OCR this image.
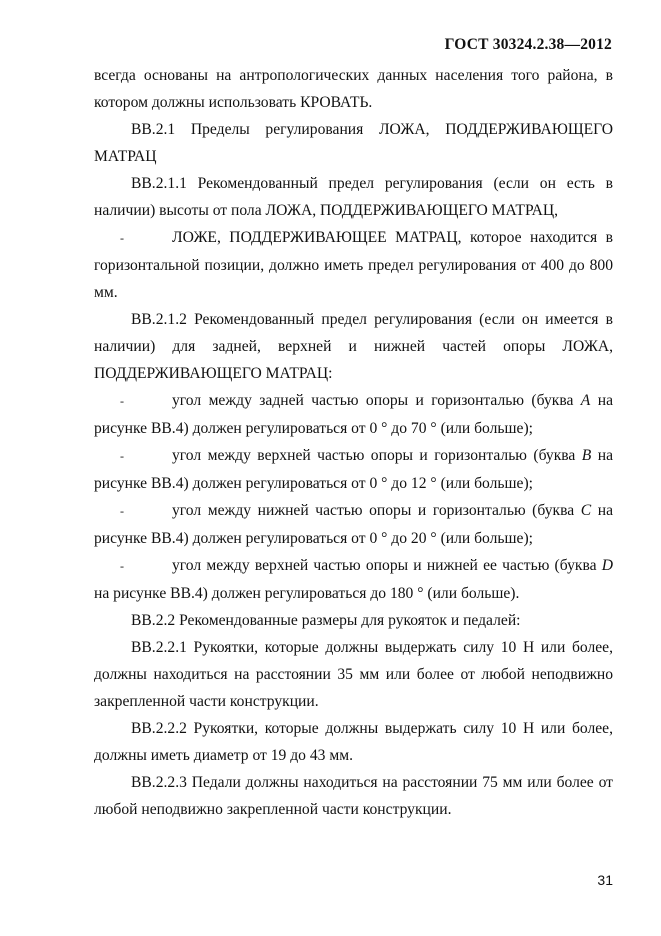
ГОСТ 30324.2.38—2012

всегда основаны на антропологических данных населения того района, в котором должны использовать КРОВАТЬ.

ВВ.2.1 Пределы регулирования ЛОЖА, ПОДДЕРЖИВАЮЩЕГО МАТРАЦ

ВВ.2.1.1 Рекомендованный предел регулирования (если он есть в наличии) высоты от пола ЛОЖА, ПОДДЕРЖИВАЮЩЕГО МАТРАЦ,

-	ЛОЖЕ, ПОДДЕРЖИВАЮЩЕЕ МАТРАЦ, которое находится в горизонтальной позиции, должно иметь предел регулирования от 400 до 800 мм.

ВВ.2.1.2 Рекомендованный предел регулирования (если он имеется в наличии) для задней, верхней и нижней частей опоры ЛОЖА, ПОДДЕРЖИВАЮЩЕГО МАТРАЦ:

-	угол между задней частью опоры и горизонталью (буква A на рисунке ВВ.4) должен регулироваться от 0 ° до 70 ° (или больше);

-	угол между верхней частью опоры и горизонталью (буква B на рисунке ВВ.4) должен регулироваться от 0 ° до 12 ° (или больше);

-	угол между нижней частью опоры и горизонталью (буква C на рисунке ВВ.4) должен регулироваться от 0 ° до 20 ° (или больше);

-	угол между верхней частью опоры и нижней ее частью (буква D на рисунке ВВ.4) должен регулироваться до 180 ° (или больше).

ВВ.2.2 Рекомендованные размеры для рукояток и педалей:

ВВ.2.2.1 Рукоятки, которые должны выдержать силу 10 Н или более, должны находиться на расстоянии 35 мм или более от любой неподвижно закрепленной части конструкции.

ВВ.2.2.2 Рукоятки, которые должны выдержать силу 10 Н или более, должны иметь диаметр от 19 до 43 мм.

ВВ.2.2.3 Педали должны находиться на расстоянии 75 мм или более от любой неподвижно закрепленной части конструкции.

31
